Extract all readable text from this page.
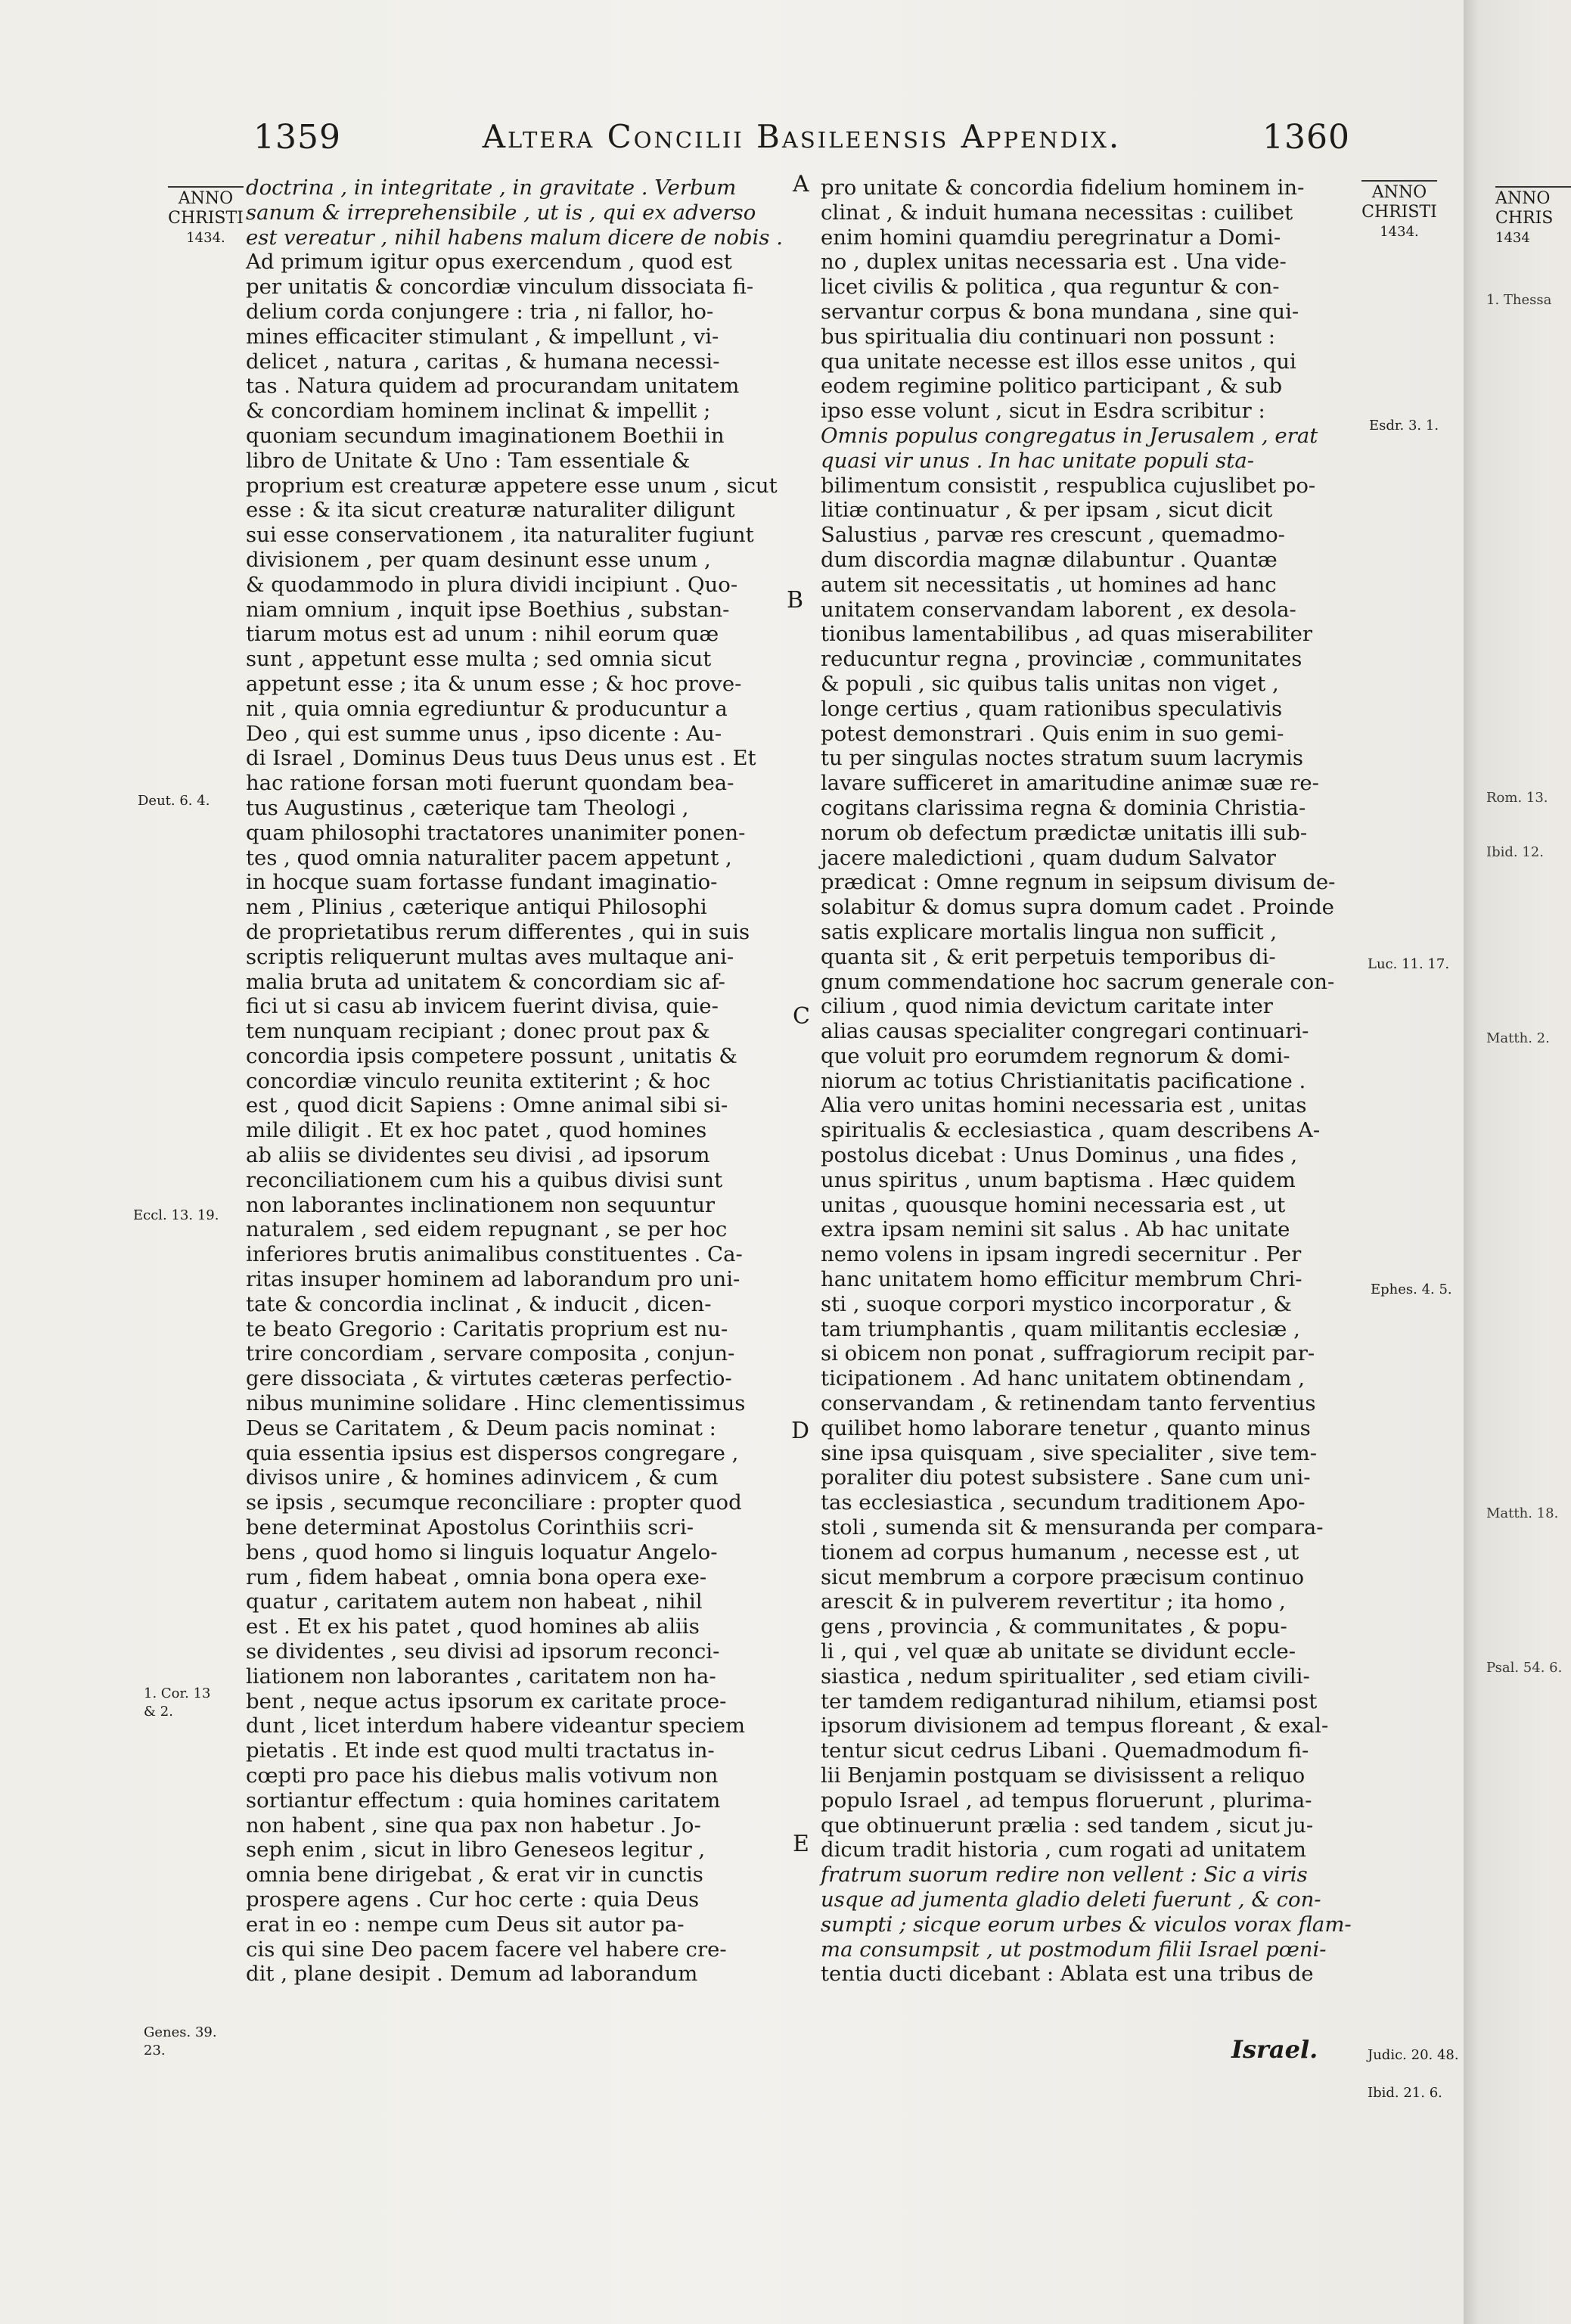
1359	Altera Concilii Basileensis Appendix.	1360
ANNO
CHRISTI
1434.
ANNO
CHRISTI
1434.
doctrina , in integritate , in gravitate . Verbum
sanum & irreprehensibile , ut is , qui ex adverso
est vereatur , nihil habens malum dicere de nobis .
Ad primum igitur opus exercendum , quod est
per unitatis & concordiæ vinculum dissociata fi-
delium corda conjungere : tria , ni fallor, ho-
mines efficaciter stimulant , & impellunt , vi-
delicet , natura , caritas , & humana necessi-
tas . Natura quidem ad procurandam unitatem
& concordiam hominem inclinat & impellit ;
quoniam secundum imaginationem Boethii in
libro de Unitate & Uno : Tam essentiale &
proprium est creaturæ appetere esse unum , sicut
esse : & ita sicut creaturæ naturaliter diligunt
sui esse conservationem , ita naturaliter fugiunt
divisionem , per quam desinunt esse unum ,
& quodammodo in plura dividi incipiunt . Quo-
niam omnium , inquit ipse Boethius , substan-
tiarum motus est ad unum : nihil eorum quæ
sunt , appetunt esse multa ; sed omnia sicut
appetunt esse ; ita & unum esse ; & hoc prove-
nit , quia omnia egrediuntur & producuntur a
Deo , qui est summe unus , ipso dicente : Au-
di Israel , Dominus Deus tuus Deus unus est . Et
hac ratione forsan moti fuerunt quondam bea-
tus Augustinus , cæterique tam Theologi ,
quam philosophi tractatores unanimiter ponen-
tes , quod omnia naturaliter pacem appetunt ,
in hocque suam fortasse fundant imaginatio-
nem , Plinius , cæterique antiqui Philosophi
de proprietatibus rerum differentes , qui in suis
scriptis reliquerunt multas aves multaque ani-
malia bruta ad unitatem & concordiam sic af-
fici ut si casu ab invicem fuerint divisa, quie-
tem nunquam recipiant ; donec prout pax &
concordia ipsis competere possunt , unitatis &
concordiæ vinculo reunita extiterint ; & hoc
est , quod dicit Sapiens : Omne animal sibi si-
mile diligit . Et ex hoc patet , quod homines
ab aliis se dividentes seu divisi , ad ipsorum
reconciliationem cum his a quibus divisi sunt
non laborantes inclinationem non sequuntur
naturalem , sed eidem repugnant , se per hoc
inferiores brutis animalibus constituentes . Ca-
ritas insuper hominem ad laborandum pro uni-
tate & concordia inclinat , & inducit , dicen-
te beato Gregorio : Caritatis proprium est nu-
trire concordiam , servare composita , conjun-
gere dissociata , & virtutes cæteras perfectio-
nibus munimine solidare . Hinc clementissimus
Deus se Caritatem , & Deum pacis nominat :
quia essentia ipsius est dispersos congregare ,
divisos unire , & homines adinvicem , & cum
se ipsis , secumque reconciliare : propter quod
bene determinat Apostolus Corinthiis scri-
bens , quod homo si linguis loquatur Angelo-
rum , fidem habeat , omnia bona opera exe-
quatur , caritatem autem non habeat , nihil
est . Et ex his patet , quod homines ab aliis
se dividentes , seu divisi ad ipsorum reconci-
liationem non laborantes , caritatem non ha-
bent , neque actus ipsorum ex caritate proce-
dunt , licet interdum habere videantur speciem
pietatis . Et inde est quod multi tractatus in-
cœpti pro pace his diebus malis votivum non
sortiantur effectum : quia homines caritatem
non habent , sine qua pax non habetur . Jo-
seph enim , sicut in libro Geneseos legitur ,
omnia bene dirigebat , & erat vir in cunctis
prospere agens . Cur hoc certe : quia Deus
erat in eo : nempe cum Deus sit autor pa-
cis qui sine Deo pacem facere vel habere cre-
dit , plane desipit . Demum ad laborandum
pro unitate & concordia fidelium hominem in-
clinat , & induit humana necessitas : cuilibet
enim homini quamdiu peregrinatur a Domi-
no , duplex unitas necessaria est . Una vide-
licet civilis & politica , qua reguntur & con-
servantur corpus & bona mundana , sine qui-
bus spiritualia diu continuari non possunt :
qua unitate necesse est illos esse unitos , qui
eodem regimine politico participant , & sub
ipso esse volunt , sicut in Esdra scribitur :
Omnis populus congregatus in Jerusalem , erat
quasi vir unus . In hac unitate populi sta-
bilimentum consistit , respublica cujuslibet po-
litiæ continuatur , & per ipsam , sicut dicit
Salustius , parvæ res crescunt , quemadmo-
dum discordia magnæ dilabuntur . Quantæ
autem sit necessitatis , ut homines ad hanc
unitatem conservandam laborent , ex desola-
tionibus lamentabilibus , ad quas miserabiliter
reducuntur regna , provinciæ , communitates
& populi , sic quibus talis unitas non viget ,
longe certius , quam rationibus speculativis
potest demonstrari . Quis enim in suo gemi-
tu per singulas noctes stratum suum lacrymis
lavare sufficeret in amaritudine animæ suæ re-
cogitans clarissima regna & dominia Christia-
norum ob defectum prædictæ unitatis illi sub-
jacere maledictioni , quam dudum Salvator
prædicat : Omne regnum in seipsum divisum de-
solabitur & domus supra domum cadet . Proinde
satis explicare mortalis lingua non sufficit ,
quanta sit , & erit perpetuis temporibus di-
gnum commendatione hoc sacrum generale con-
cilium , quod nimia devictum caritate inter
alias causas specialiter congregari continuari-
que voluit pro eorumdem regnorum & domi-
niorum ac totius Christianitatis pacificatione .
Alia vero unitas homini necessaria est , unitas
spiritualis & ecclesiastica , quam describens A-
postolus dicebat : Unus Dominus , una fides ,
unus spiritus , unum baptisma . Hæc quidem
unitas , quousque homini necessaria est , ut
extra ipsam nemini sit salus . Ab hac unitate
nemo volens in ipsam ingredi secernitur . Per
hanc unitatem homo efficitur membrum Chri-
sti , suoque corpori mystico incorporatur , &
tam triumphantis , quam militantis ecclesiæ ,
si obicem non ponat , suffragiorum recipit par-
ticipationem . Ad hanc unitatem obtinendam ,
conservandam , & retinendam tanto ferventius
quilibet homo laborare tenetur , quanto minus
sine ipsa quisquam , sive specialiter , sive tem-
poraliter diu potest subsistere . Sane cum uni-
tas ecclesiastica , secundum traditionem Apo-
stoli , sumenda sit & mensuranda per compara-
tionem ad corpus humanum , necesse est , ut
sicut membrum a corpore præcisum continuo
arescit & in pulverem revertitur ; ita homo ,
gens , provincia , & communitates , & popu-
li , qui , vel quæ ab unitate se dividunt eccle-
siastica , nedum spiritualiter , sed etiam civili-
ter tamdem rediganturad nihilum, etiamsi post
ipsorum divisionem ad tempus floreant , & exal-
tentur sicut cedrus Libani . Quemadmodum fi-
lii Benjamin postquam se divisissent a reliquo
populo Israel , ad tempus floruerunt , plurima-
que obtinuerunt prælia : sed tandem , sicut ju-
dicum tradit historia , cum rogati ad unitatem
fratrum suorum redire non vellent : Sic a viris
usque ad jumenta gladio deleti fuerunt , & con-
sumpti ; sicque eorum urbes & viculos vorax flam-
ma consumpsit , ut postmodum filii Israel pœni-
tentia ducti dicebant : Ablata est una tribus de
A
B
C
D
E
Deut. 6. 4.
Eccl. 13. 19.
1. Cor. 13
& 2.
Genes. 39.
23.
Esdr. 3. 1.
Luc. 11. 17.
Ephes. 4. 5.
Judic. 20. 48.
Ibid. 21. 6.
Israel.
ANNO
CHRIS
1434
1. Thessa
Rom. 13.
Ibid. 12.
Matth. 2.
Matth. 18.
Psal. 54. 6.
